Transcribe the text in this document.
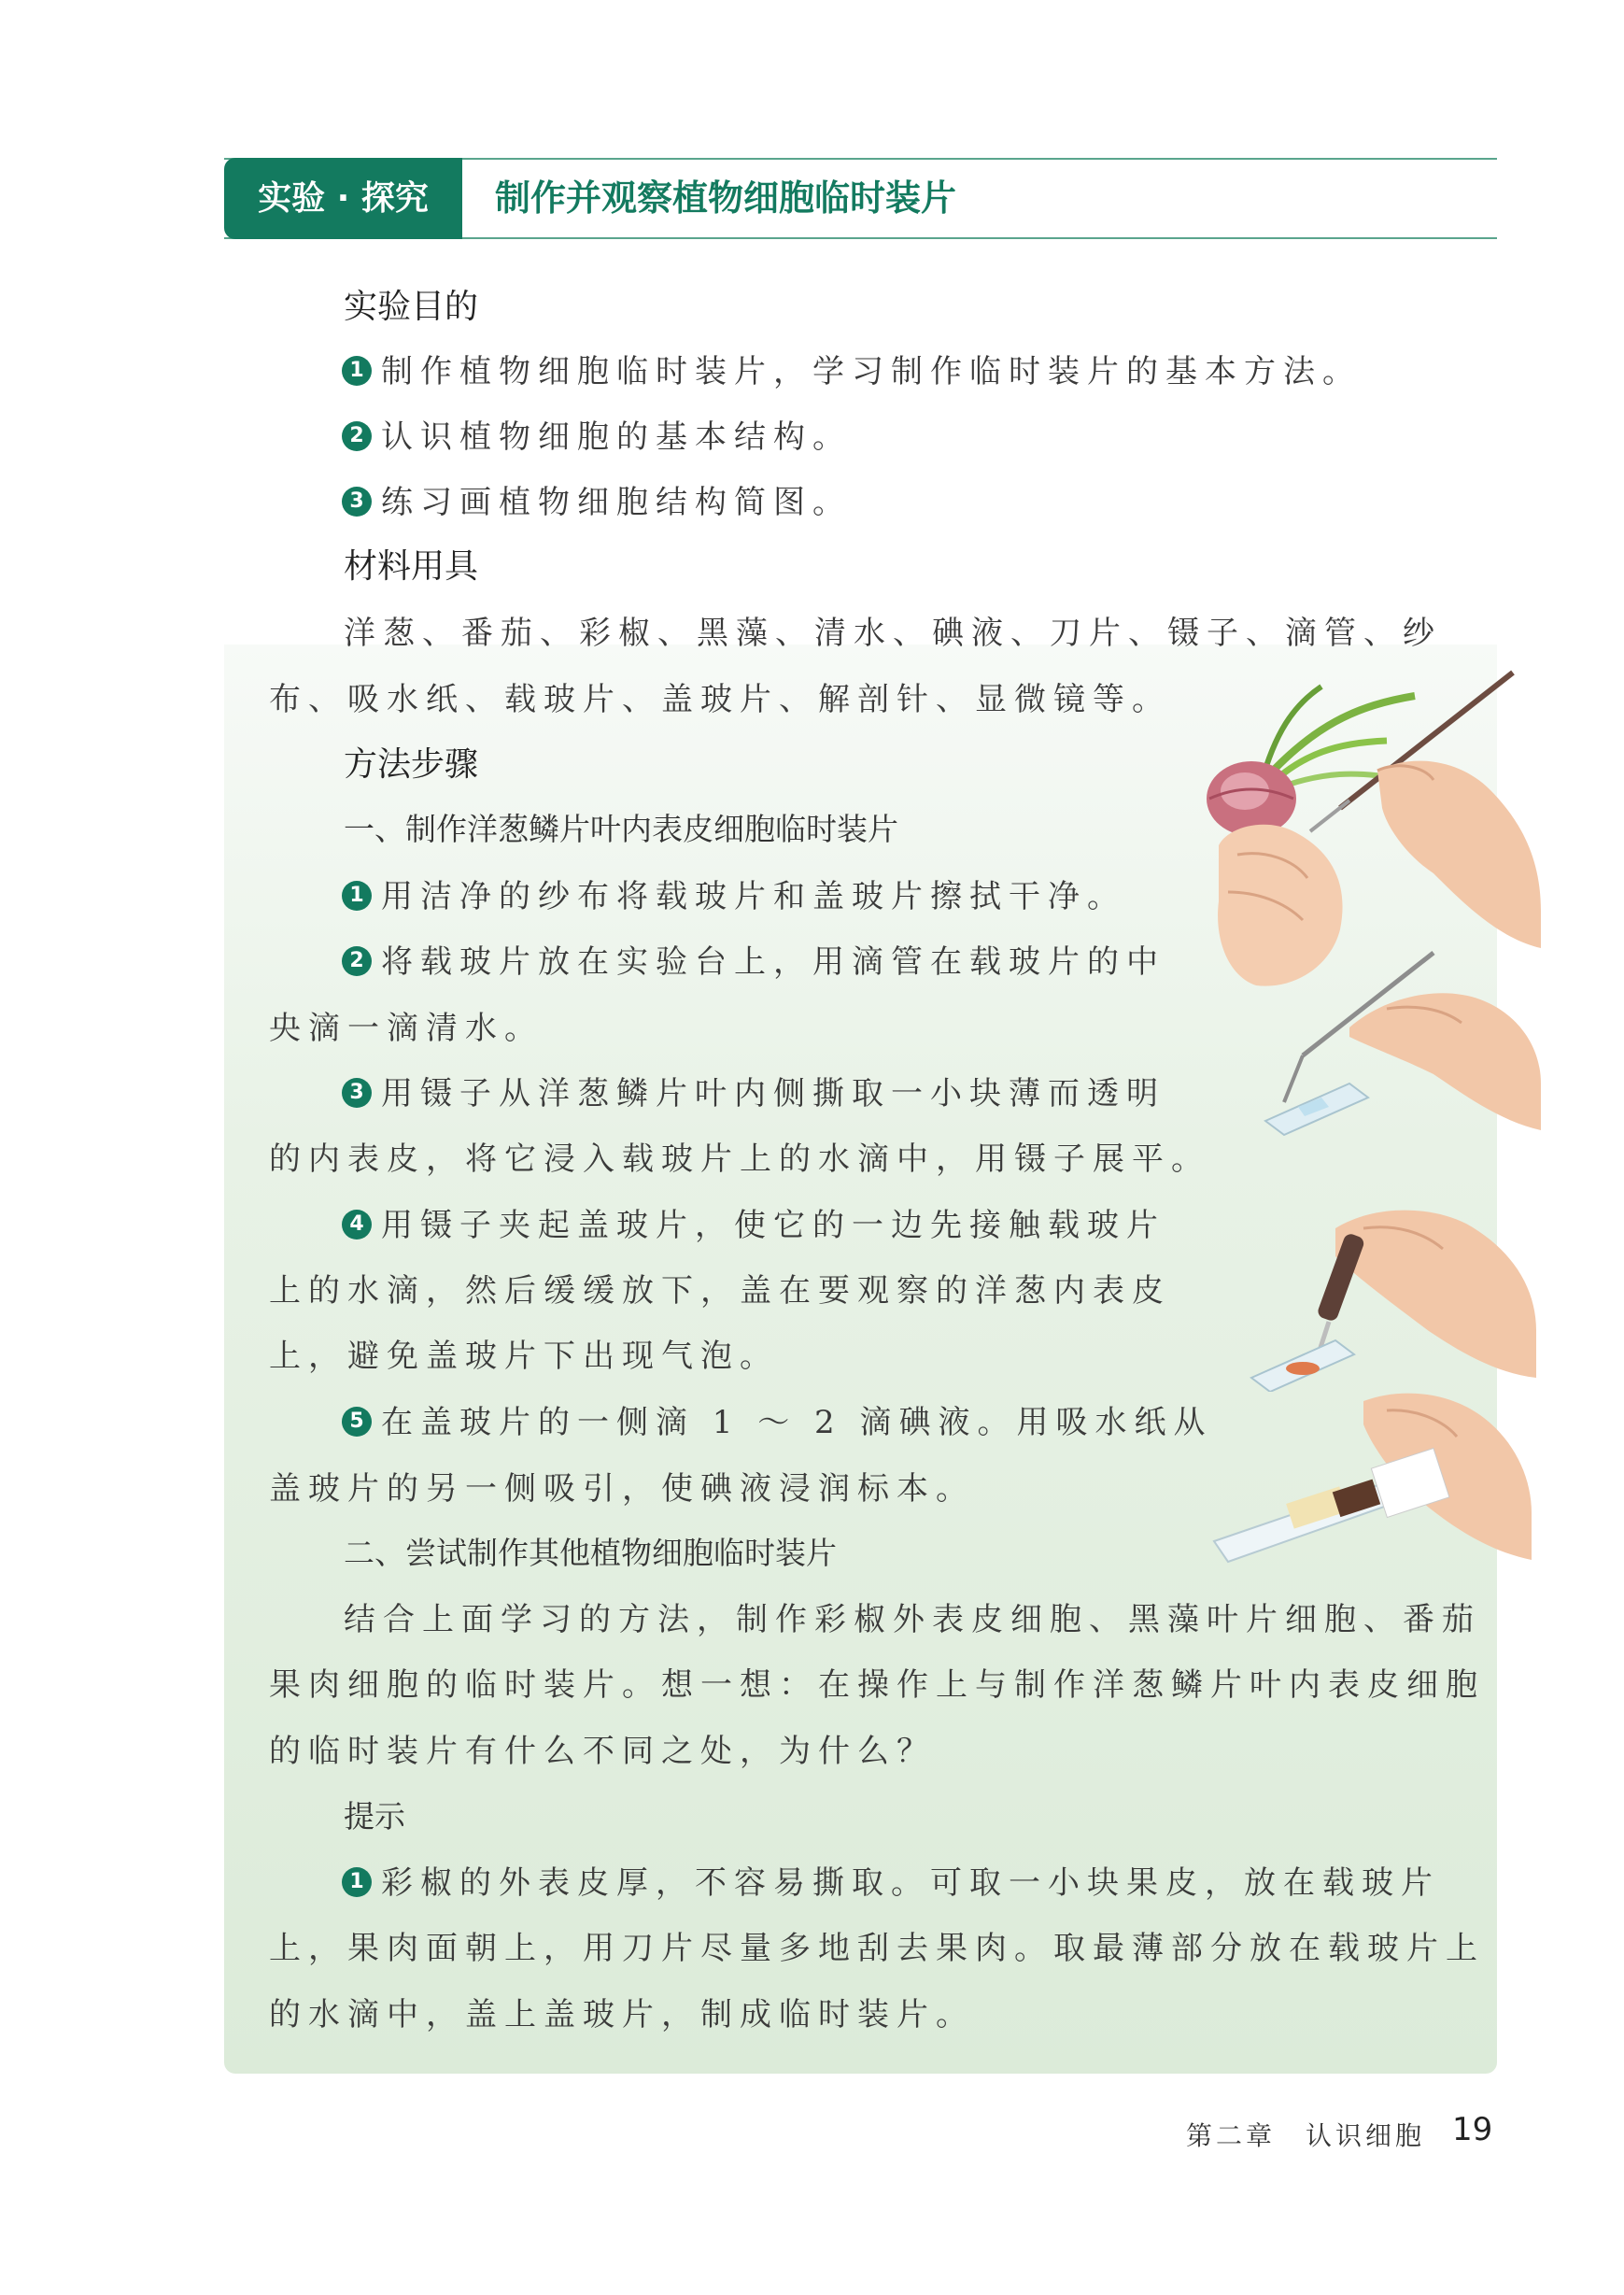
实验 · 探究	制作并观察植物细胞临时装片
实验目的
1 制作植物细胞临时装片，学习制作临时装片的基本方法。
2 认识植物细胞的基本结构。
3 练习画植物细胞结构简图。
材料用具
洋葱、番茄、彩椒、黑藻、清水、碘液、刀片、镊子、滴管、纱
布、吸水纸、载玻片、盖玻片、解剖针、显微镜等。
方法步骤
一、制作洋葱鳞片叶内表皮细胞临时装片
1 用洁净的纱布将载玻片和盖玻片擦拭干净。
2 将载玻片放在实验台上，用滴管在载玻片的中
央滴一滴清水。
3 用镊子从洋葱鳞片叶内侧撕取一小块薄而透明
的内表皮，将它浸入载玻片上的水滴中，用镊子展平。
4 用镊子夹起盖玻片，使它的一边先接触载玻片
上的水滴，然后缓缓放下，盖在要观察的洋葱内表皮
上，避免盖玻片下出现气泡。
5 在盖玻片的一侧滴 1 ～ 2 滴碘液。用吸水纸从
盖玻片的另一侧吸引，使碘液浸润标本。
二、尝试制作其他植物细胞临时装片
结合上面学习的方法，制作彩椒外表皮细胞、黑藻叶片细胞、番茄
果肉细胞的临时装片。想一想：在操作上与制作洋葱鳞片叶内表皮细胞
的临时装片有什么不同之处，为什么？
提示
1 彩椒的外表皮厚，不容易撕取。可取一小块果皮，放在载玻片
上，果肉面朝上，用刀片尽量多地刮去果肉。取最薄部分放在载玻片上
的水滴中，盖上盖玻片，制成临时装片。
第二章　认识细胞 19
